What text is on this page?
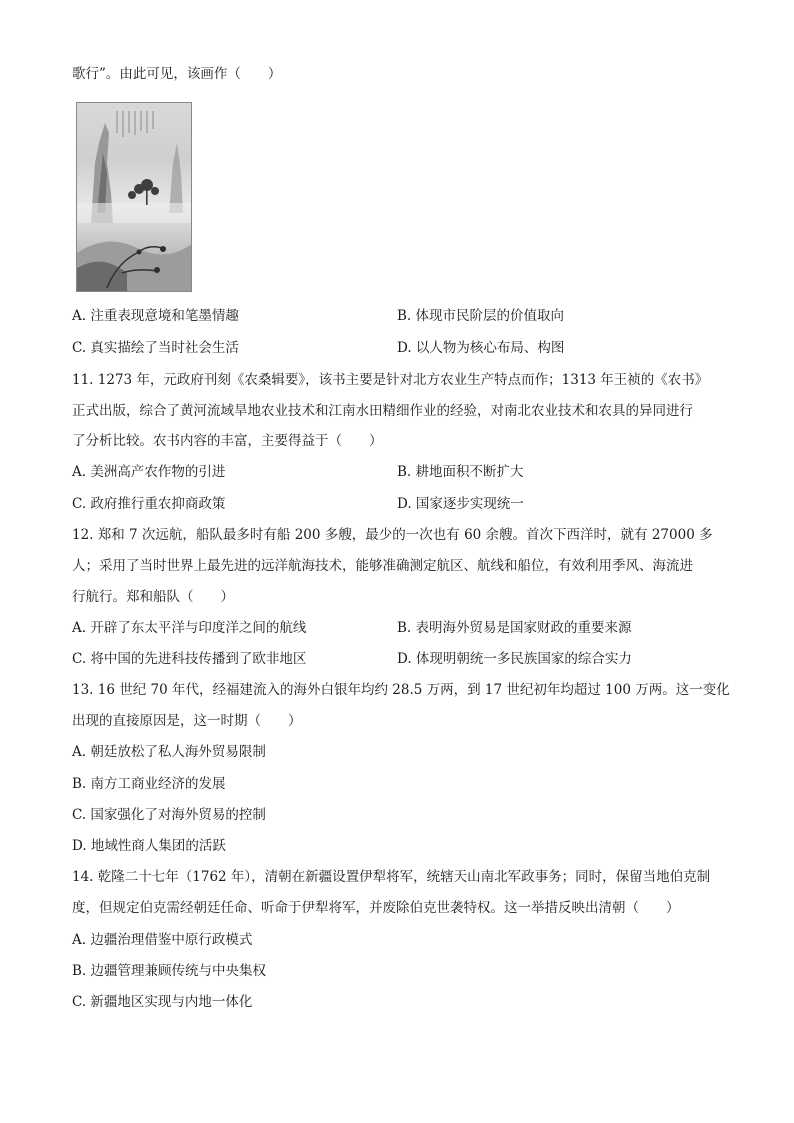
歌行”。由此可见，该画作（　　）
A. 注重表现意境和笔墨情趣	B. 体现市民阶层的价值取向
C. 真实描绘了当时社会生活	D. 以人物为核心布局、构图
11. 1273 年，元政府刊刻《农桑辑要》，该书主要是针对北方农业生产特点而作；1313 年王祯的《农书》
正式出版，综合了黄河流域旱地农业技术和江南水田精细作业的经验，对南北农业技术和农具的异同进行
了分析比较。农书内容的丰富，主要得益于（　　）
A. 美洲高产农作物的引进	B. 耕地面积不断扩大
C. 政府推行重农抑商政策	D. 国家逐步实现统一
12. 郑和 7 次远航，船队最多时有船 200 多艘，最少的一次也有 60 余艘。首次下西洋时，就有 27000 多
人；采用了当时世界上最先进的远洋航海技术，能够准确测定航区、航线和船位，有效利用季风、海流进
行航行。郑和船队（　　）
A. 开辟了东太平洋与印度洋之间的航线	B. 表明海外贸易是国家财政的重要来源
C. 将中国的先进科技传播到了欧非地区	D. 体现明朝统一多民族国家的综合实力
13. 16 世纪 70 年代，经福建流入的海外白银年均约 28.5 万两，到 17 世纪初年均超过 100 万两。这一变化
出现的直接原因是，这一时期（　　）
A. 朝廷放松了私人海外贸易限制
B. 南方工商业经济的发展
C. 国家强化了对海外贸易的控制
D. 地域性商人集团的活跃
14. 乾隆二十七年（1762 年），清朝在新疆设置伊犁将军，统辖天山南北军政事务；同时，保留当地伯克制
度，但规定伯克需经朝廷任命、听命于伊犁将军，并废除伯克世袭特权。这一举措反映出清朝（　　）
A. 边疆治理借鉴中原行政模式
B. 边疆管理兼顾传统与中央集权
C. 新疆地区实现与内地一体化
